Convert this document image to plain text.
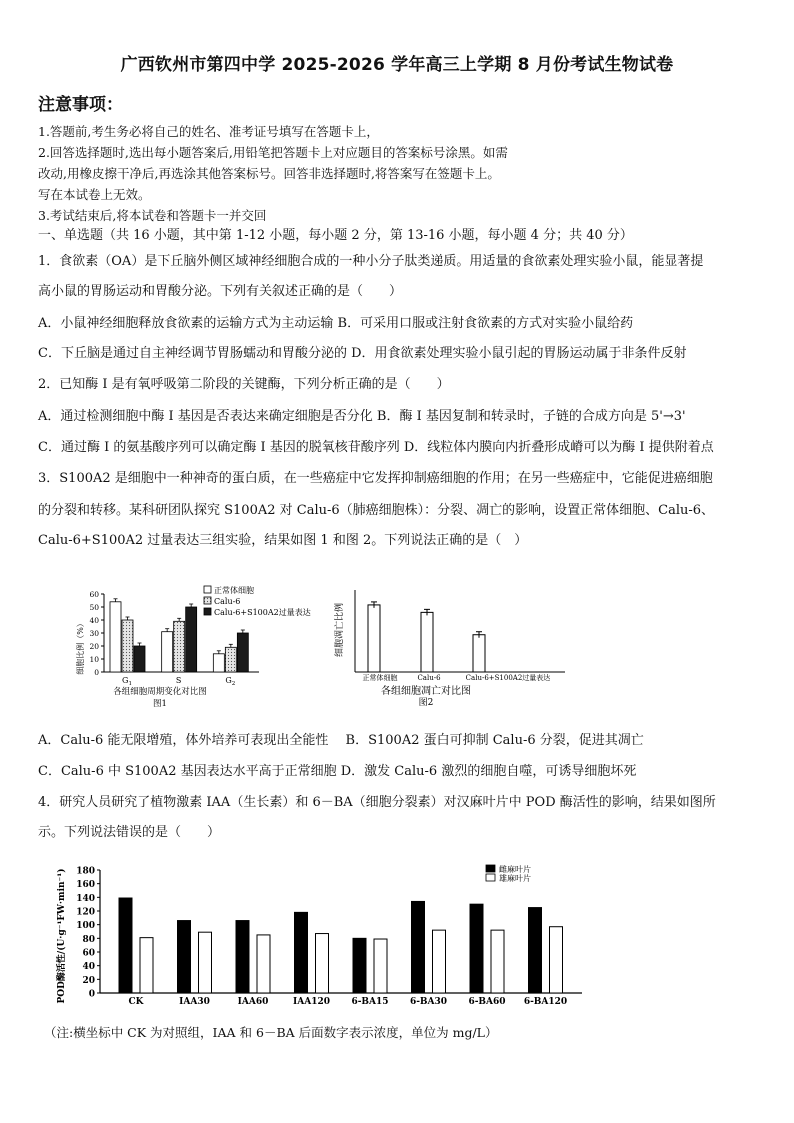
广西钦州市第四中学 2025-2026 学年高三上学期 8 月份考试生物试卷
注意事项：
1.答题前,考生务必将自己的姓名、准考证号填写在答题卡上，
2.回答选择题时,选出每小题答案后,用铅笔把答题卡上对应题目的答案标号涂黑。如需
改动,用橡皮擦干净后,再选涂其他答案标号。回答非选择题时,将答案写在签题卡上。
写在本试卷上无效。
3.考试结束后,将本试卷和答题卡一并交回
一、单选题（共 16 小题，其中第 1-12 小题，每小题 2 分，第 13-16 小题，每小题 4 分；共 40 分）
1．食欲素（OA）是下丘脑外侧区域神经细胞合成的一种小分子肽类递质。用适量的食欲素处理实验小鼠，能显著提
高小鼠的胃肠运动和胃酸分泌。下列有关叙述正确的是（　　）
A．小鼠神经细胞释放食欲素的运输方式为主动运输 B．可采用口服或注射食欲素的方式对实验小鼠给药
C．下丘脑是通过自主神经调节胃肠蠕动和胃酸分泌的 D．用食欲素处理实验小鼠引起的胃肠运动属于非条件反射
2．已知酶 I 是有氧呼吸第二阶段的关键酶，下列分析正确的是（　　）
A．通过检测细胞中酶 I 基因是否表达来确定细胞是否分化 B．酶 I 基因复制和转录时，子链的合成方向是 5'→3'
C．通过酶 I 的氨基酸序列可以确定酶 I 基因的脱氧核苷酸序列 D．线粒体内膜向内折叠形成嵴可以为酶 I 提供附着点
3．S100A2 是细胞中一种神奇的蛋白质，在一些癌症中它发挥抑制癌细胞的作用；在另一些癌症中，它能促进癌细胞
的分裂和转移。某科研团队探究 S100A2 对 Calu-6（肺癌细胞株）：分裂、凋亡的影响，设置正常体细胞、Calu-6、
Calu-6+S100A2 过量表达三组实验，结果如图 1 和图 2。下列说法正确的是（　）
细胞比例（%） 0
10
20
30
40
50
60
$G_1$	S	$G_2$
正常体细胞
Calu-6
Calu-6+S100A2过量表达
各组细胞周期变化对比图
图1
细胞凋亡比例
正常体细胞	Calu-6	Calu-6+S100A2过量表达
各组细胞凋亡对比图
图2
A．Calu-6 能无限增殖，体外培养可表现出全能性　 B．S100A2 蛋白可抑制 Calu-6 分裂，促进其凋亡
C．Calu-6 中 S100A2 基因表达水平高于正常细胞 D．激发 Calu-6 激烈的细胞自噬，可诱导细胞坏死
4．研究人员研究了植物激素 IAA（生长素）和 6－BA（细胞分裂素）对汉麻叶片中 POD 酶活性的影响，结果如图所
示。下列说法错误的是（　　）
POD酶活性/(U·g⁻¹FW·min⁻¹) 0
20
40
60
80
100
120
140
160
180
CK	IAA30	IAA60	IAA120 6-BA15 6-BA30 6-BA60 6-BA120
雌麻叶片
雄麻叶片
（注:横坐标中 CK 为对照组，IAA 和 6－BA 后面数字表示浓度，单位为 mg/L）
